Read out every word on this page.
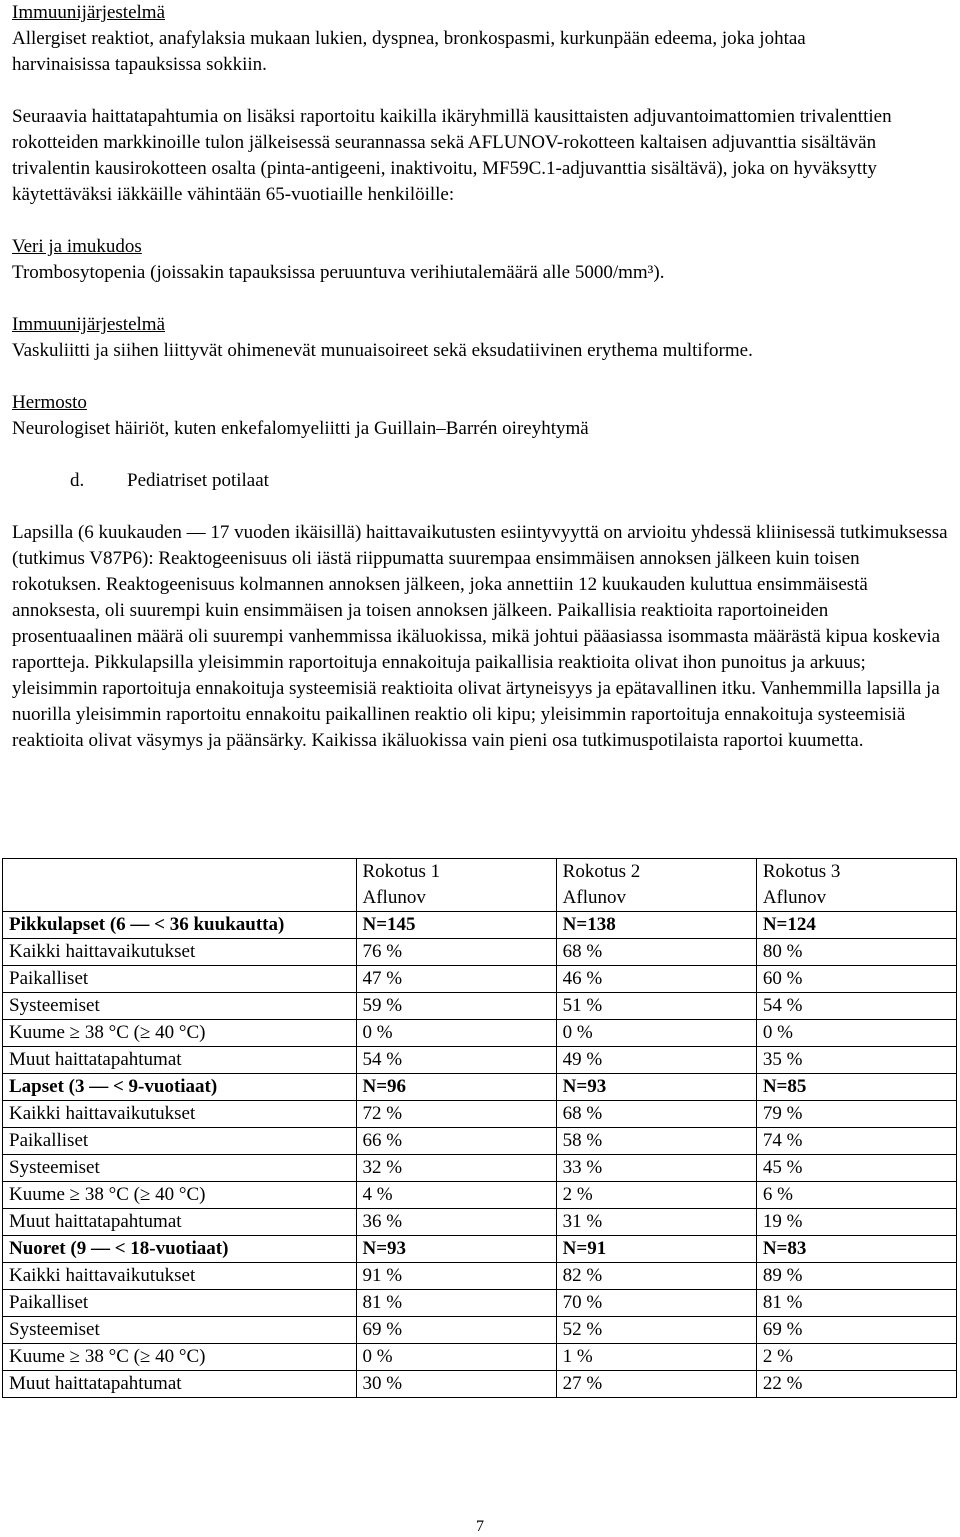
Immuunijärjestelmä

Allergiset reaktiot, anafylaksia mukaan lukien, dyspnea, bronkospasmi, kurkunpään edeema, joka johtaa harvinaisissa tapauksissa sokkiin.

Seuraavia haittatapahtumia on lisäksi raportoitu kaikilla ikäryhmillä kausittaisten adjuvantoimattomien trivalenttien rokotteiden markkinoille tulon jälkeisessä seurannassa sekä AFLUNOV-rokotteen kaltaisen adjuvanttia sisältävän trivalentin kausirokotteen osalta (pinta-antigeeni, inaktivoitu, MF59C.1-adjuvanttia sisältävä), joka on hyväksytty käytettäväksi iäkkäille vähintään 65-vuotiaille henkilöille:

Veri ja imukudos

Trombosytopenia (joissakin tapauksissa peruuntuva verihiutalemäärä alle 5000/mm³).

Immuunijärjestelmä

Vaskuliitti ja siihen liittyvät ohimenevät munuaisoireet sekä eksudatiivinen erythema multiforme.

Hermosto

Neurologiset häiriöt, kuten enkefalomyeliitti ja Guillain–Barrén oireyhtymä

d. Pediatriset potilaat

Lapsilla (6 kuukauden — 17 vuoden ikäisillä) haittavaikutusten esiintyvyyttä on arvioitu yhdessä kliinisessä tutkimuksessa (tutkimus V87P6): Reaktogeenisuus oli iästä riippumatta suurempaa ensimmäisen annoksen jälkeen kuin toisen rokotuksen. Reaktogeenisuus kolmannen annoksen jälkeen, joka annettiin 12 kuukauden kuluttua ensimmäisestä annoksesta, oli suurempi kuin ensimmäisen ja toisen annoksen jälkeen. Paikallisia reaktioita raportoineiden prosentuaalinen määrä oli suurempi vanhemmissa ikäluokissa, mikä johtui pääasiassa isommasta määrästä kipua koskevia raportteja. Pikkulapsilla yleisimmin raportoituja ennakoituja paikallisia reaktioita olivat ihon punoitus ja arkuus; yleisimmin raportoituja ennakoituja systeemisiä reaktioita olivat ärtyneisyys ja epätavallinen itku. Vanhemmilla lapsilla ja nuorilla yleisimmin raportoitu ennakoitu paikallinen reaktio oli kipu; yleisimmin raportoituja ennakoituja systeemisiä reaktioita olivat väsymys ja päänsärky. Kaikissa ikäluokissa vain pieni osa tutkimuspotilaista raportoi kuumetta.

	Rokotus 1	Rokotus 2	Rokotus 3
	Aflunov	Aflunov	Aflunov
Pikkulapset (6 — < 36 kuukautta)	N=145	N=138	N=124
Kaikki haittavaikutukset	76 %	68 %	80 %
Paikalliset	47 %	46 %	60 %
Systeemiset	59 %	51 %	54 %
Kuume ≥ 38 °C (≥ 40 °C)	0 %	0 %	0 %
Muut haittatapahtumat	54 %	49 %	35 %
Lapset (3 — < 9-vuotiaat)	N=96	N=93	N=85
Kaikki haittavaikutukset	72 %	68 %	79 %
Paikalliset	66 %	58 %	74 %
Systeemiset	32 %	33 %	45 %
Kuume ≥ 38 °C (≥ 40 °C)	4 %	2 %	6 %
Muut haittatapahtumat	36 %	31 %	19 %
Nuoret (9 — < 18-vuotiaat)	N=93	N=91	N=83
Kaikki haittavaikutukset	91 %	82 %	89 %
Paikalliset	81 %	70 %	81 %
Systeemiset	69 %	52 %	69 %
Kuume ≥ 38 °C (≥ 40 °C)	0 %	1 %	2 %
Muut haittatapahtumat	30 %	27 %	22 %
7
